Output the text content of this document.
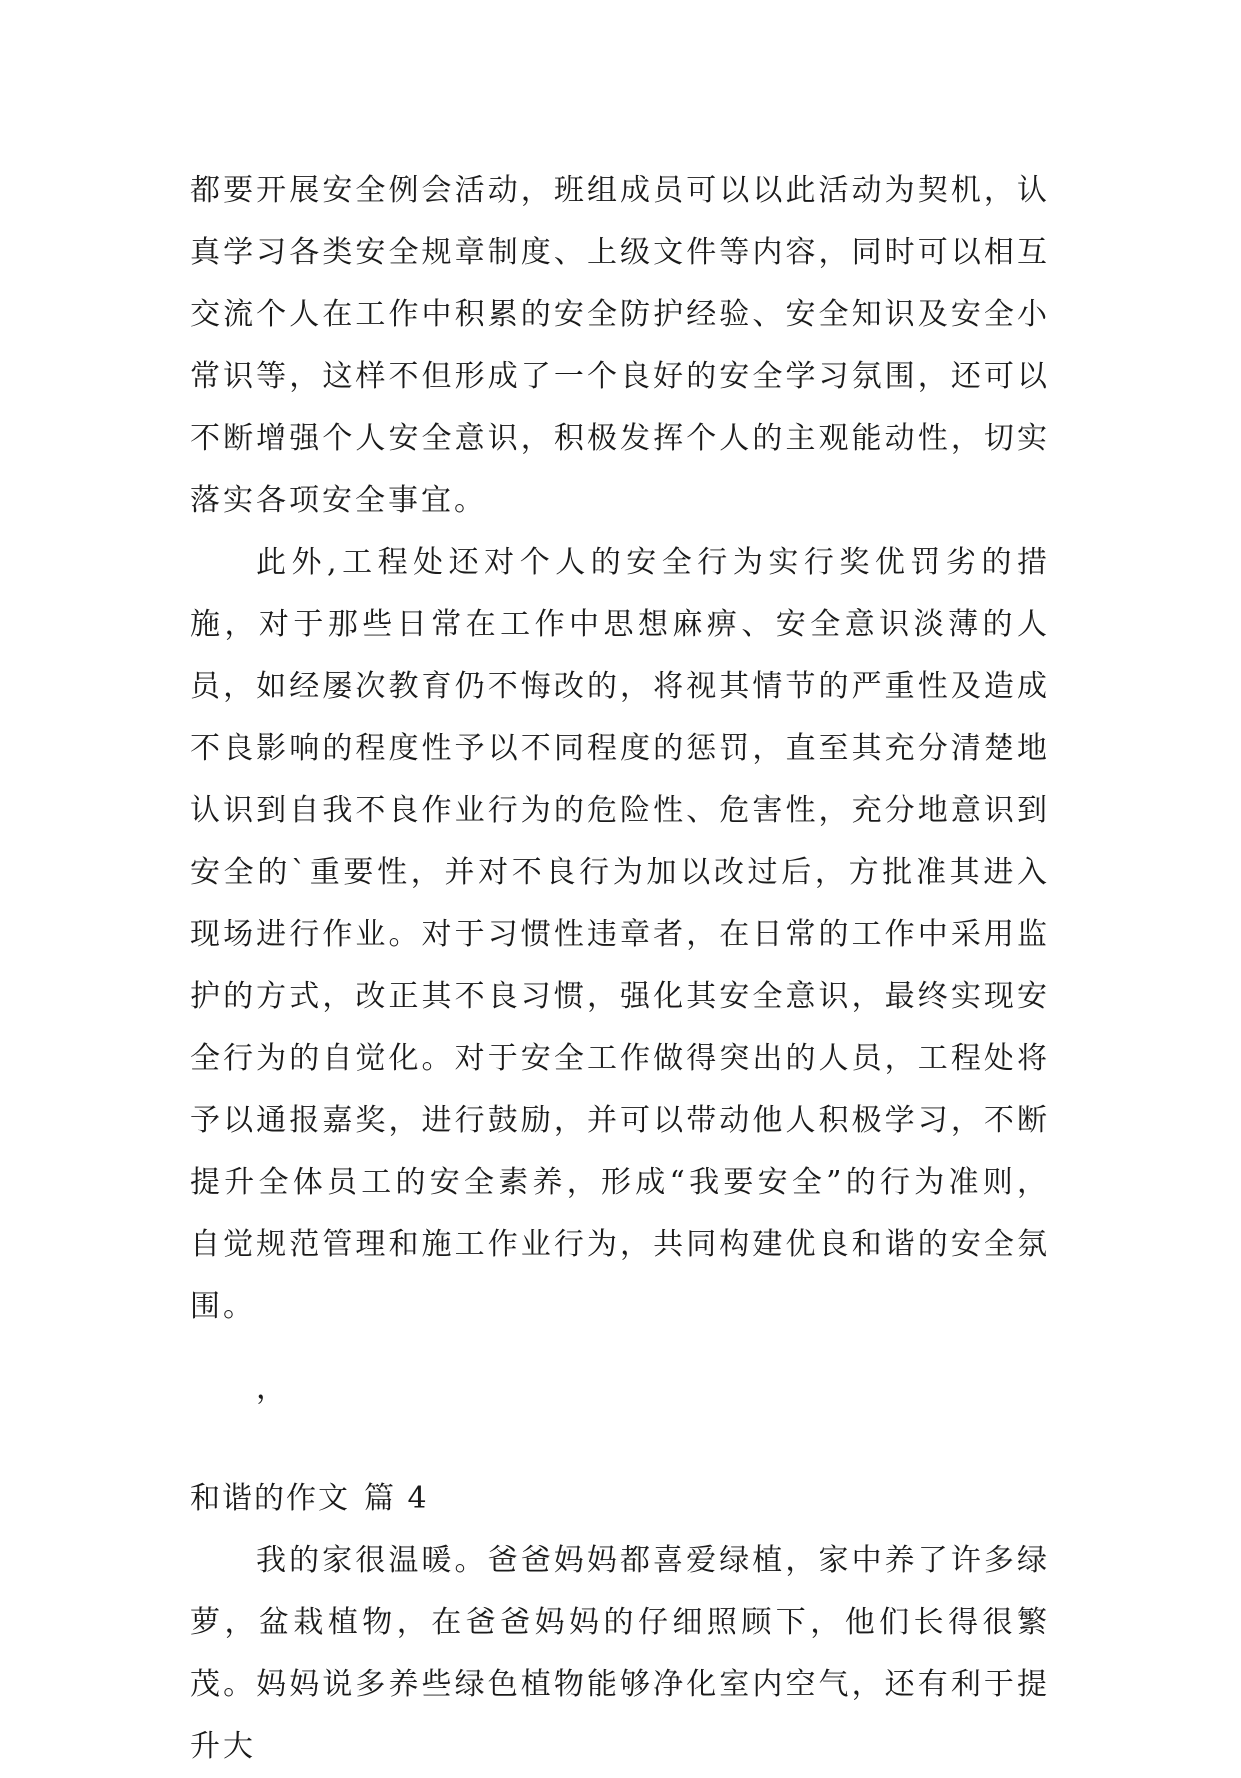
都要开展安全例会活动，班组成员可以以此活动为契机，认真学习各类安全规章制度、上级文件等内容，同时可以相互交流个人在工作中积累的安全防护经验、安全知识及安全小常识等，这样不但形成了一个良好的安全学习氛围，还可以不断增强个人安全意识，积极发挥个人的主观能动性，切实落实各项安全事宜。

此外,工程处还对个人的安全行为实行奖优罚劣的措施，对于那些日常在工作中思想麻痹、安全意识淡薄的人员，如经屡次教育仍不悔改的，将视其情节的严重性及造成不良影响的程度性予以不同程度的惩罚，直至其充分清楚地认识到自我不良作业行为的危险性、危害性，充分地意识到安全的`重要性，并对不良行为加以改过后，方批准其进入现场进行作业。对于习惯性违章者，在日常的工作中采用监护的方式，改正其不良习惯，强化其安全意识，最终实现安全行为的自觉化。对于安全工作做得突出的人员，工程处将予以通报嘉奖，进行鼓励，并可以带动他人积极学习，不断提升全体员工的安全素养，形成“我要安全”的行为准则，自觉规范管理和施工作业行为，共同构建优良和谐的安全氛围。

，
和谐的作文 篇 4

我的家很温暖。爸爸妈妈都喜爱绿植，家中养了许多绿萝，盆栽植物，在爸爸妈妈的仔细照顾下，他们长得很繁茂。妈妈说多养些绿色植物能够净化室内空气，还有利于提升大
